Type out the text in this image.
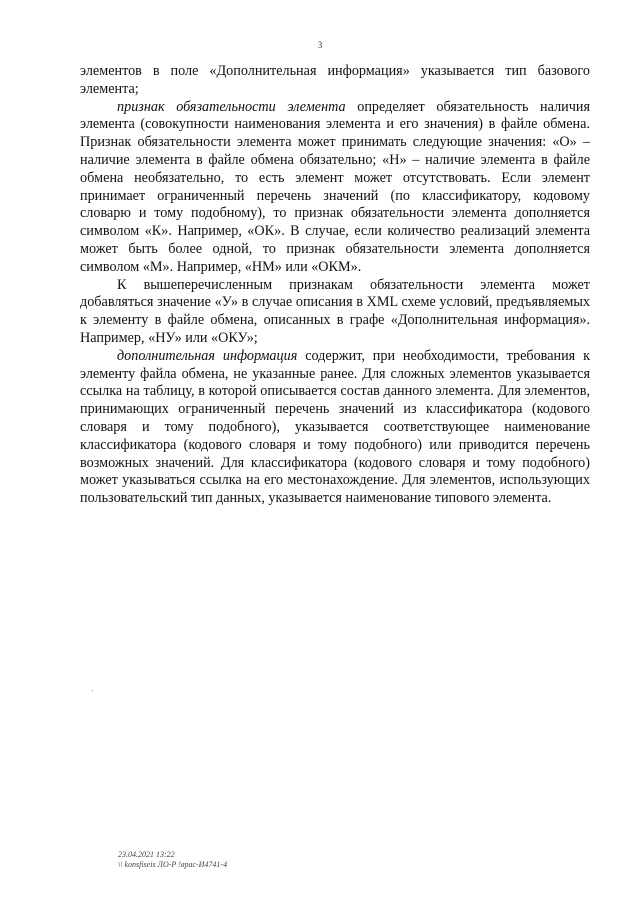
3

элементов в поле «Дополнительная информация» указывается тип базового элемента;

признак обязательности элемента определяет обязательность наличия элемента (совокупности наименования элемента и его значения) в файле обмена. Признак обязательности элемента может принимать следующие значения: «О» – наличие элемента в файле обмена обязательно; «Н» – наличие элемента в файле обмена необязательно, то есть элемент может отсутствовать. Если элемент принимает ограниченный перечень значений (по классификатору, кодовому словарю и тому подобному), то признак обязательности элемента дополняется символом «К». Например, «ОК». В случае, если количество реализаций элемента может быть более одной, то признак обязательности элемента дополняется символом «М». Например, «НМ» или «ОКМ».

К вышеперечисленным признакам обязательности элемента может добавляться значение «У» в случае описания в XML схеме условий, предъявляемых к элементу в файле обмена, описанных в графе «Дополнительная информация». Например, «НУ» или «ОКУ»;

дополнительная информация содержит, при необходимости, требования к элементу файла обмена, не указанные ранее. Для сложных элементов указывается ссылка на таблицу, в которой описывается состав данного элемента. Для элементов, принимающих ограниченный перечень значений из классификатора (кодового словаря и тому подобного), указывается соответствующее наименование классификатора (кодового словаря и тому подобного) или приводится перечень возможных значений. Для классификатора (кодового словаря и тому подобного) может указываться ссылка на его местонахождение. Для элементов, использующих пользовательский тип данных, указывается наименование типового элемента.

23.04.2021 13:22
\\ konsfiseis ЛО-Р !врас-И4741-4
